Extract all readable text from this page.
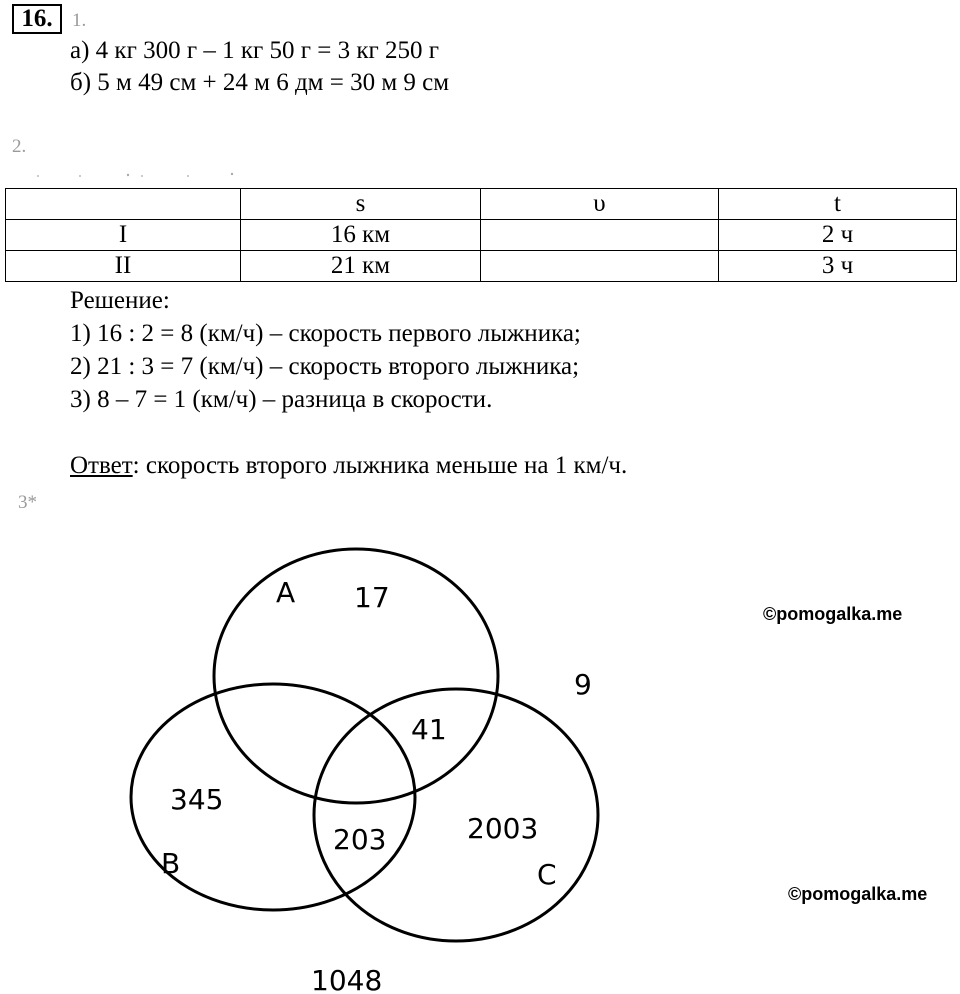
16.	1.
а) 4 кг 300 г – 1 кг 50 г = 3 кг 250 г
б) 5 м 49 см + 24 м 6 дм = 30 м 9 см
2.
	s	υ	t
I	16 км		2 ч
II	21 км		3 ч
Решение:
1) 16 : 2 = 8 (км/ч) – скорость первого лыжника;
2) 21 : 3 = 7 (км/ч) – скорость второго лыжника;
3) 8 – 7 = 1 (км/ч) – разница в скорости.
Ответ: скорость второго лыжника меньше на 1 км/ч.
3*
A
B	C
17
41
345
203	2003
9
1048
©pomogalka.me
©pomogalka.me
